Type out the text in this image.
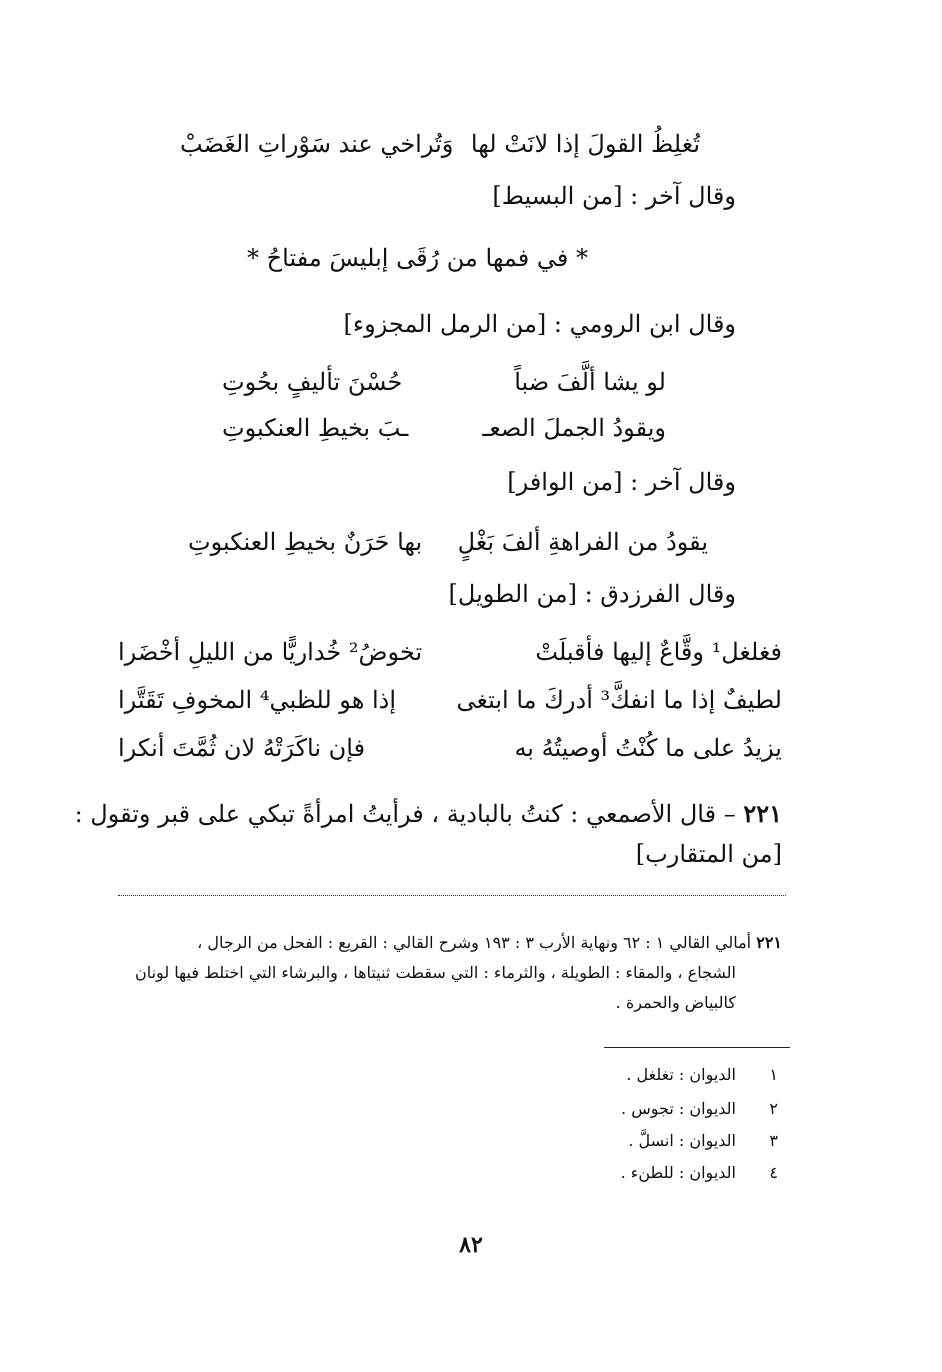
تُغلِظُ القولَ إذا لانَتْ لها
وَتُراخي عند سَوْراتِ الغَضَبْ
وقال آخر : [من البسيط]
* في فمها من رُقَى إبليسَ مفتاحُ *
وقال ابن الرومي : [من الرمل المجزوء]
لو يشا ألَّفَ ضباً
حُسْنَ تأليفٍ بحُوتِ
ويقودُ الجملَ الصعـ
ـبَ بخيطِ العنكبوتِ
وقال آخر : [من الوافر]
يقودُ من الفراهةِ ألفَ بَغْلٍ
بها حَرَنٌ بخيطِ العنكبوتِ
وقال الفرزدق : [من الطويل]
فغلغل¹ وقَّاعٌ إليها فأقبلَتْ
تخوضُ² خُداريًّا من الليلِ أخْضَرا
لطيفٌ إذا ما انفكَّ³ أدركَ ما ابتغى
إذا هو للظبي⁴ المخوفِ تَقَتَّرا
يزيدُ على ما كُنْتُ أوصيتُهُ به
فإن ناكَرَتْهُ لان ثُمَّتَ أنكرا
٢٢١ – قال الأصمعي : كنتُ بالبادية ، فرأيتُ امرأةً تبكي على قبر وتقول :
[من المتقارب]
٢٢١ أمالي القالي ١ : ٦٢ ونهاية الأرب ٣ : ١٩٣ وشرح القالي : القريع : الفحل من الرجال ،
الشجاع ، والمقاء : الطويلة ، والثرماء : التي سقطت ثنيتاها ، والبرشاء التي اختلط فيها لونان
كالبياض والحمرة .
١
الديوان : تغلغل .
٢
الديوان : تجوس .
٣
الديوان : انسلَّ .
٤
الديوان : للطنء .
٨٢
